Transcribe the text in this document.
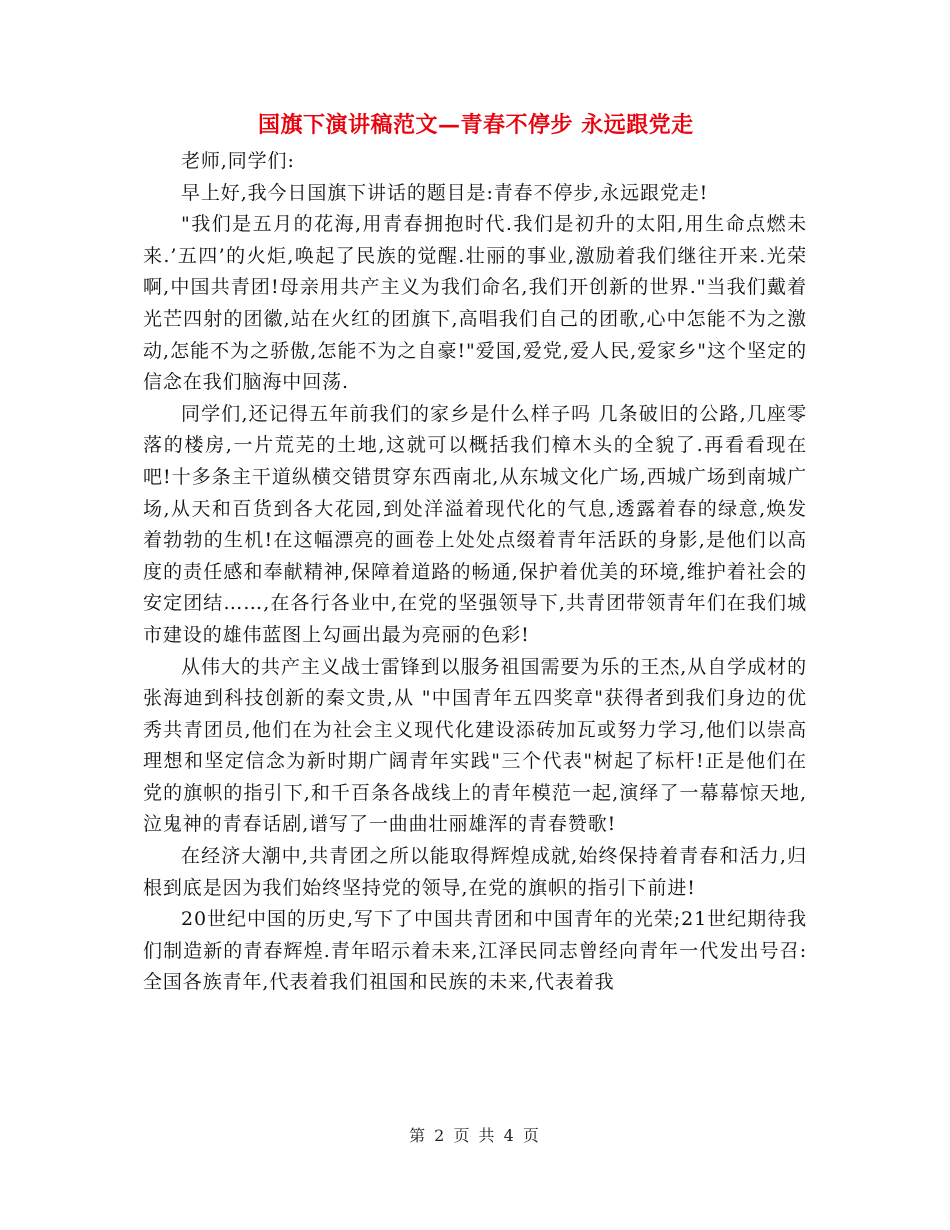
国旗下演讲稿范文—青春不停步 永远跟党走

老师,同学们:

早上好,我今日国旗下讲话的题目是:青春不停步,永远跟党走!

"我们是五月的花海,用青春拥抱时代.我们是初升的太阳,用生命点燃未来.’五四’的火炬,唤起了民族的觉醒.壮丽的事业,激励着我们继往开来.光荣啊,中国共青团!母亲用共产主义为我们命名,我们开创新的世界."当我们戴着光芒四射的团徽,站在火红的团旗下,高唱我们自己的团歌,心中怎能不为之激动,怎能不为之骄傲,怎能不为之自豪!"爱国,爱党,爱人民,爱家乡"这个坚定的信念在我们脑海中回荡.

同学们,还记得五年前我们的家乡是什么样子吗 几条破旧的公路,几座零落的楼房,一片荒芜的土地,这就可以概括我们樟木头的全貌了.再看看现在吧!十多条主干道纵横交错贯穿东西南北,从东城文化广场,西城广场到南城广场,从天和百货到各大花园,到处洋溢着现代化的气息,透露着春的绿意,焕发着勃勃的生机!在这幅漂亮的画卷上处处点缀着青年活跃的身影,是他们以高度的责任感和奉献精神,保障着道路的畅通,保护着优美的环境,维护着社会的安定团结……,在各行各业中,在党的坚强领导下,共青团带领青年们在我们城市建设的雄伟蓝图上勾画出最为亮丽的色彩!

从伟大的共产主义战士雷锋到以服务祖国需要为乐的王杰,从自学成材的张海迪到科技创新的秦文贵,从 "中国青年五四奖章"获得者到我们身边的优秀共青团员,他们在为社会主义现代化建设添砖加瓦或努力学习,他们以崇高理想和坚定信念为新时期广阔青年实践"三个代表"树起了标杆!正是他们在党的旗帜的指引下,和千百条各战线上的青年模范一起,演绎了一幕幕惊天地,泣鬼神的青春话剧,谱写了一曲曲壮丽雄浑的青春赞歌!

在经济大潮中,共青团之所以能取得辉煌成就,始终保持着青春和活力,归根到底是因为我们始终坚持党的领导,在党的旗帜的指引下前进!

20世纪中国的历史,写下了中国共青团和中国青年的光荣;21世纪期待我们制造新的青春辉煌.青年昭示着未来,江泽民同志曾经向青年一代发出号召:全国各族青年,代表着我们祖国和民族的未来,代表着我

第 2 页 共 4 页
